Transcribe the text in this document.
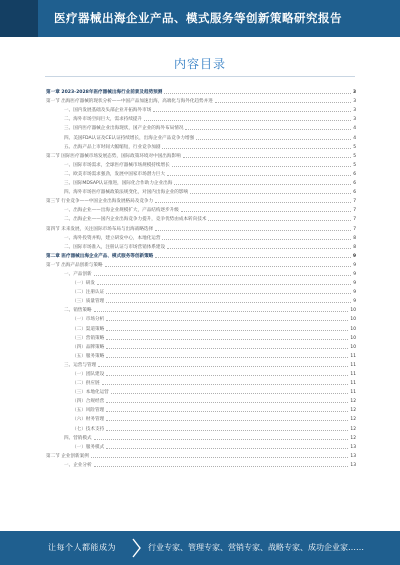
医疗器械出海企业产品、模式服务等创新策略研究报告
内容目录
第一章 2023-2028年医疗器械出海行业前景及趋势预测	3
第一节 出海医疗器械的现状分析——中国产品加速出海，高端化与海外化趋势并进	3
一、国内发展基础及头部企业开拓海外市场	3
二、海外市场空间巨大，需求持续提升	3
三、国内医疗器械企业出海现状，国产企业的海外布局情况	4
四、美国FDA认证及CE认证持续增长，出海企业产品竞争力增强	4
五、出海产品上市时间大幅缩短，行业竞争加剧	5
第二节 国际医疗器械市场发展态势，国际政策环境对中国出海影响	5
一、国际市场需求，全球医疗器械市场规模持续增长	5
二、欧美市场需求强劲，发展中国家市场潜力巨大	6
三、国际MDSAP认证推进，国际化合作助力企业出海	6
四、海外市场医疗器械政策法规变化，对国内出海企业的影响	6
第三节 行业竞争——中国企业出海发展格局及竞争力	7
一、出海企业——出海企业规模扩大，产品结构逐步升级	7
二、出海企业——国内企业出海竞争力提升，竞争优势由成本转向技术	7
第四节 未来发展，关注国际市场布局与出海战略选择	7
一、海外投资并购，建立研发中心，本地化运营	8
二、国际市场准入，注册认证与市场营销体系建设	8
第二章 医疗器械出海企业产品、模式服务等创新策略	9
第一节 出海产品创新与策略	9
一、产品创新	9
（一）研发	9
（二）注册认证	9
（三）质量管理	9
二、销售策略	10
（一）市场分析	10
（二）渠道策略	10
（三）营销策略	10
（四）品牌策略	10
（五）服务策略	11
三、运营与管理	11
（一）团队建设	11
（二）供应链	11
（三）本地化运营	11
（四）合规经营	12
（五）风险管理	12
（六）财务管理	12
（七）技术支持	12
四、营销模式	12
（一）服务模式	13
第二节 企业创新案例	13
一、企业分析	13
让每个人都能成为	行业专家、管理专家、营销专家、战略专家、成功企业家……
